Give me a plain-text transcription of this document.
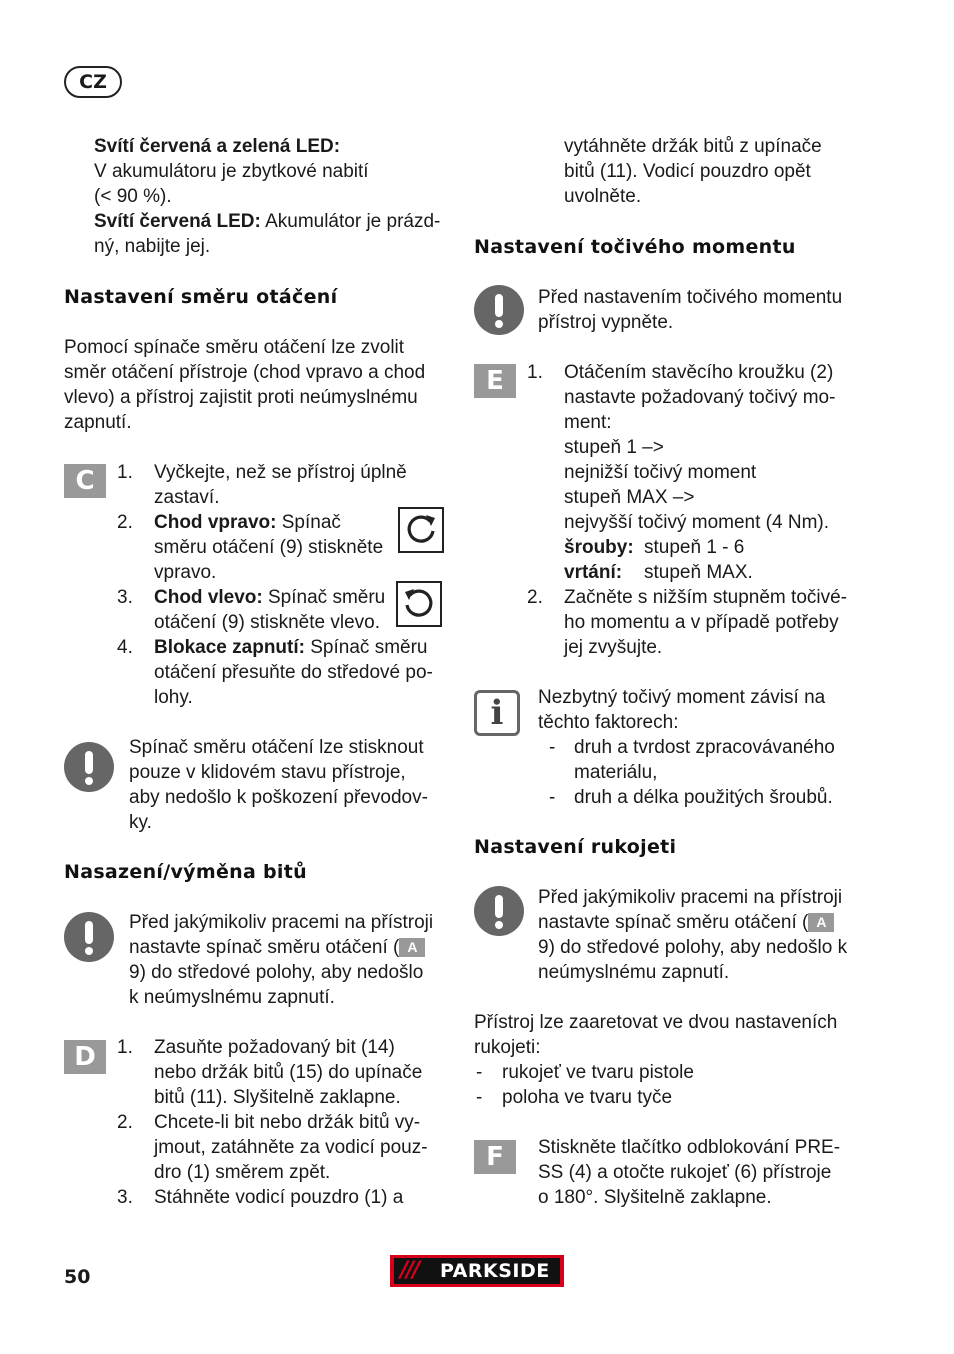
CZ
Svítí červená a zelená LED:
V akumulátoru je zbytkové nabití
(< 90 %).
Svítí červená LED: Akumulátor je prázd-
ný, nabijte jej.
Nastavení směru otáčení
Pomocí spínače směru otáčení lze zvolit
směr otáčení přístroje (chod vpravo a chod
vlevo) a přístroj zajistit proti neúmyslnému
zapnutí.
C	1. Vyčkejte, než se přístroj úplně
zastaví.
2. Chod vpravo: Spínač
směru otáčení (9) stiskněte
vpravo.
3. Chod vlevo: Spínač směru
otáčení (9) stiskněte vlevo.
4. Blokace zapnutí: Spínač směru
otáčení přesuňte do středové po-
lohy.
Spínač směru otáčení lze stisknout
pouze v klidovém stavu přístroje,
aby nedošlo k poškození převodov-
ky.
Nasazení/výměna bitů
Před jakýmikoliv pracemi na přístroji
nastavte spínač směru otáčení ( A
9) do středové polohy, aby nedošlo
k neúmyslnému zapnutí.
D	1. Zasuňte požadovaný bit (14)
nebo držák bitů (15) do upínače
bitů (11). Slyšitelně zaklapne.
2. Chcete-li bit nebo držák bitů vy-
jmout, zatáhněte za vodicí pouz-
dro (1) směrem zpět.
3. Stáhněte vodicí pouzdro (1) a
vytáhněte držák bitů z upínače
bitů (11). Vodicí pouzdro opět
uvolněte.
Nastavení točivého momentu
Před nastavením točivého momentu
přístroj vypněte.
E	1. Otáčením stavěcího kroužku (2)
nastavte požadovaný točivý mo-
ment:
stupeň 1 –>
nejnižší točivý moment
stupeň MAX –>
nejvyšší točivý moment (4 Nm).
šrouby: stupeň 1 - 6
vrtání: stupeň MAX.
2. Začněte s nižším stupněm točivé-
ho momentu a v případě potřeby
jej zvyšujte.
i	Nezbytný točivý moment závisí na
těchto faktorech:
- druh a tvrdost zpracovávaného
materiálu,
- druh a délka použitých šroubů.
Nastavení rukojeti
Před jakýmikoliv pracemi na přístroji
nastavte spínač směru otáčení ( A
9) do středové polohy, aby nedošlo k
neúmyslnému zapnutí.
Přístroj lze zaaretovat ve dvou nastaveních
rukojeti:
- rukojeť ve tvaru pistole
- poloha ve tvaru tyče
F	Stiskněte tlačítko odblokování PRE-
SS (4) a otočte rukojeť (6) přístroje
o 180°. Slyšitelně zaklapne.
50	/// PARKSIDE
